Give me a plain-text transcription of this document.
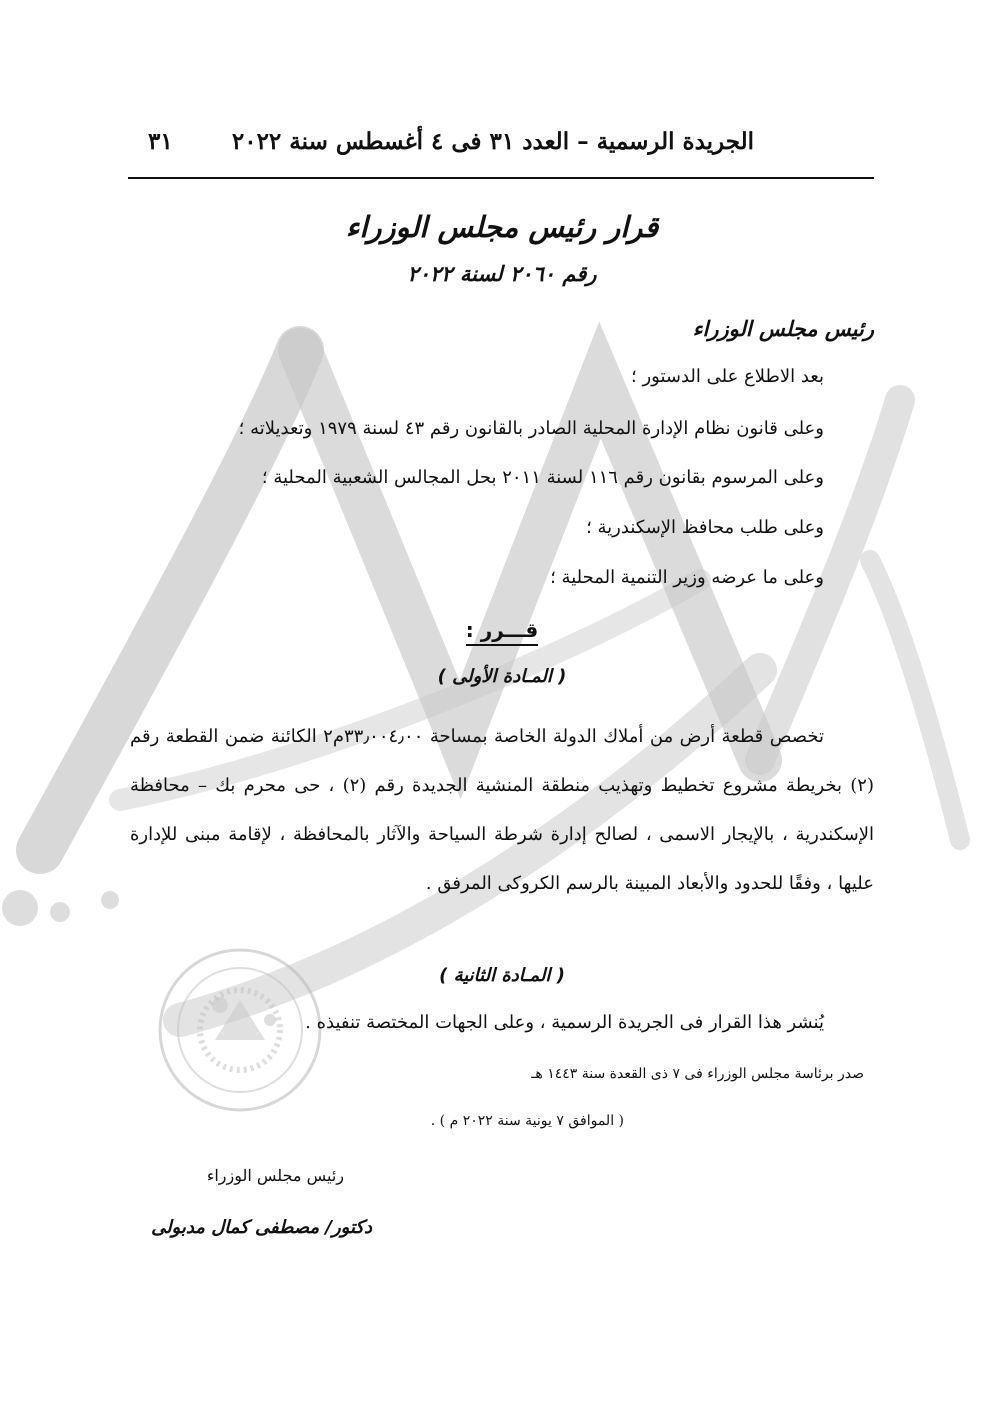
الجريدة الرسمية – العدد ٣١ فى ٤ أغسطس سنة ٢٠٢٢
٣١
قرار رئيس مجلس الوزراء
رقم ٢٠٦٠ لسنة ٢٠٢٢
رئيس مجلس الوزراء
بعد الاطلاع على الدستور ؛
وعلى قانون نظام الإدارة المحلية الصادر بالقانون رقم ٤٣ لسنة ١٩٧٩ وتعديلاته ؛
وعلى المرسوم بقانون رقم ١١٦ لسنة ٢٠١١ بحل المجالس الشعبية المحلية ؛
وعلى طلب محافظ الإسكندرية ؛
وعلى ما عرضه وزير التنمية المحلية ؛
قـــرر :
( المـادة الأولى )
تخصص قطعة أرض من أملاك الدولة الخاصة بمساحة ٣٣٫٠٠٤٫٠٠م٢ الكائنة ضمن القطعة رقم (٢) بخريطة مشروع تخطيط وتهذيب منطقة المنشية الجديدة رقم (٢) ، حى محرم بك – محافظة الإسكندرية ، بالإيجار الاسمى ، لصالح إدارة شرطة السياحة والآثار بالمحافظة ، لإقامة مبنى للإدارة عليها ، وفقًا للحدود والأبعاد المبينة بالرسم الكروكى المرفق .
( المـادة الثانية )
يُنشر هذا القرار فى الجريدة الرسمية ، وعلى الجهات المختصة تنفيذه .
صدر برئاسة مجلس الوزراء فى ٧ ذى القعدة سنة ١٤٤٣ هـ
( الموافق ٧ يونية سنة ٢٠٢٢ م ) .
رئيس مجلس الوزراء
دكتور/ مصطفى كمال مدبولى
